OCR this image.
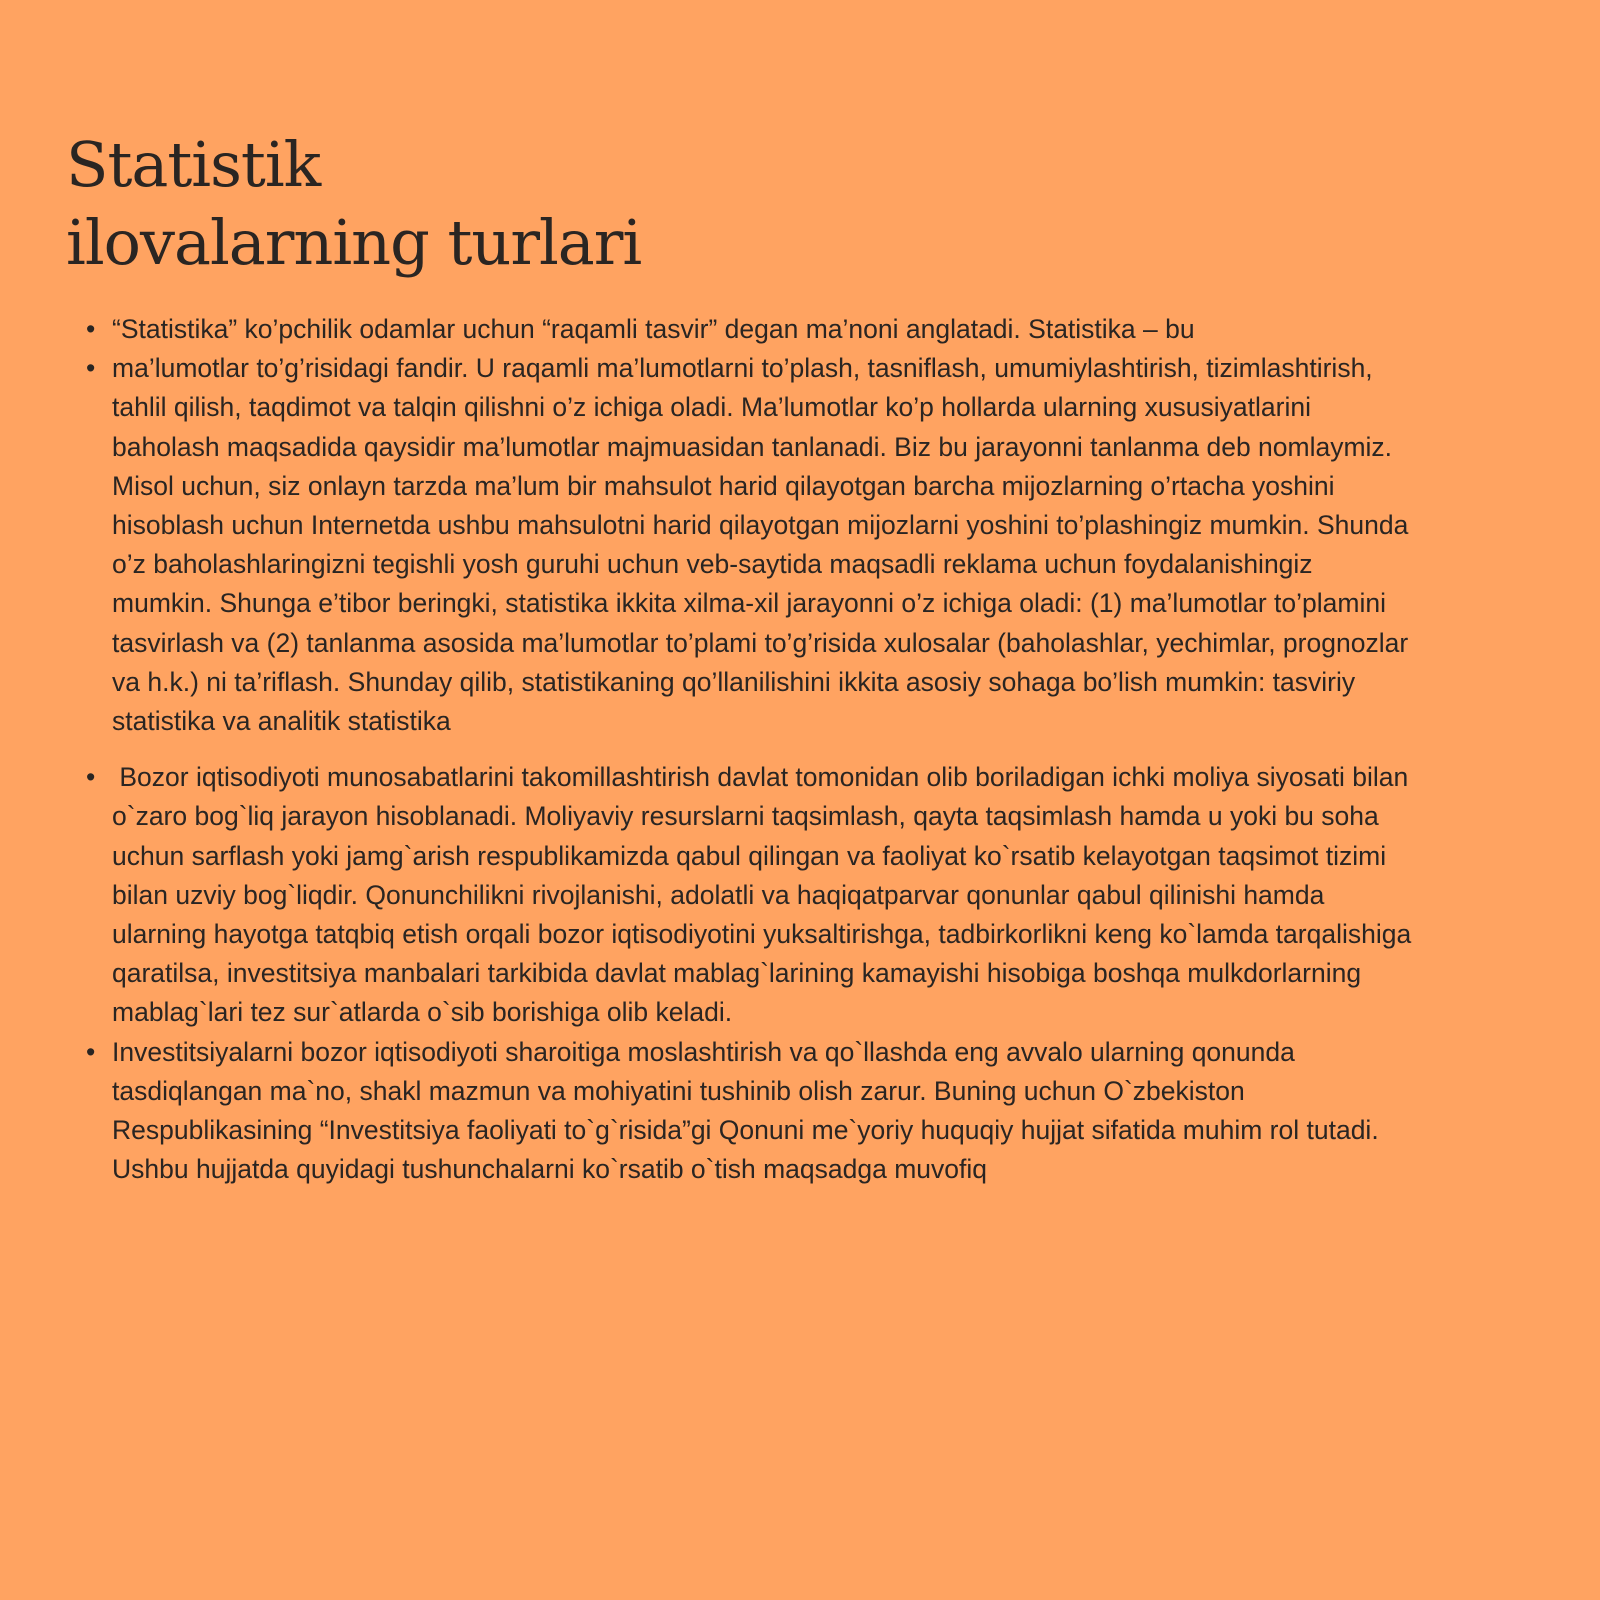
Statistik
ilovalarning turlari
• “Statistika” ko’pchilik odamlar uchun “raqamli tasvir” degan ma’noni anglatadi. Statistika – bu
• ma’lumotlar to’g’risidagi fandir. U raqamli ma’lumotlarni to’plash, tasniflash, umumiylashtirish, tizimlashtirish, tahlil qilish, taqdimot va talqin qilishni o’z ichiga oladi. Ma’lumotlar ko’p hollarda ularning xususiyatlarini baholash maqsadida qaysidir ma’lumotlar majmuasidan tanlanadi. Biz bu jarayonni tanlanma deb nomlaymiz. Misol uchun, siz onlayn tarzda ma’lum bir mahsulot harid qilayotgan barcha mijozlarning o’rtacha yoshini hisoblash uchun Internetda ushbu mahsulotni harid qilayotgan mijozlarni yoshini to’plashingiz mumkin. Shunda o’z baholashlaringizni tegishli yosh guruhi uchun veb-saytida maqsadli reklama uchun foydalanishingiz mumkin. Shunga e’tibor beringki, statistika ikkita xilma-xil jarayonni o’z ichiga oladi: (1) ma’lumotlar to’plamini tasvirlash va (2) tanlanma asosida ma’lumotlar to’plami to’g’risida xulosalar (baholashlar, yechimlar, prognozlar va h.k.) ni ta’riflash. Shunday qilib, statistikaning qo’llanilishini ikkita asosiy sohaga bo’lish mumkin: tasviriy statistika va analitik statistika
• Bozor iqtisodiyoti munosabatlarini takomillashtirish davlat tomonidan olib boriladigan ichki moliya siyosati bilan o`zaro bog`liq jarayon hisoblanadi. Moliyaviy resurslarni taqsimlash, qayta taqsimlash hamda u yoki bu soha uchun sarflash yoki jamg`arish respublikamizda qabul qilingan va faoliyat ko`rsatib kelayotgan taqsimot tizimi bilan uzviy bog`liqdir. Qonunchilikni rivojlanishi, adolatli va haqiqatparvar qonunlar qabul qilinishi hamda ularning hayotga tatqbiq etish orqali bozor iqtisodiyotini yuksaltirishga, tadbirkorlikni keng ko`lamda tarqalishiga qaratilsa, investitsiya manbalari tarkibida davlat mablag`larining kamayishi hisobiga boshqa mulkdorlarning mablag`lari tez sur`atlarda o`sib borishiga olib keladi.
• Investitsiyalarni bozor iqtisodiyoti sharoitiga moslashtirish va qo`llashda eng avvalo ularning qonunda tasdiqlangan ma`no, shakl mazmun va mohiyatini tushinib olish zarur. Buning uchun O`zbekiston Respublikasining “Investitsiya faoliyati to`g`risida”gi Qonuni me`yoriy huquqiy hujjat sifatida muhim rol tutadi. Ushbu hujjatda quyidagi tushunchalarni ko`rsatib o`tish maqsadga muvofiq
